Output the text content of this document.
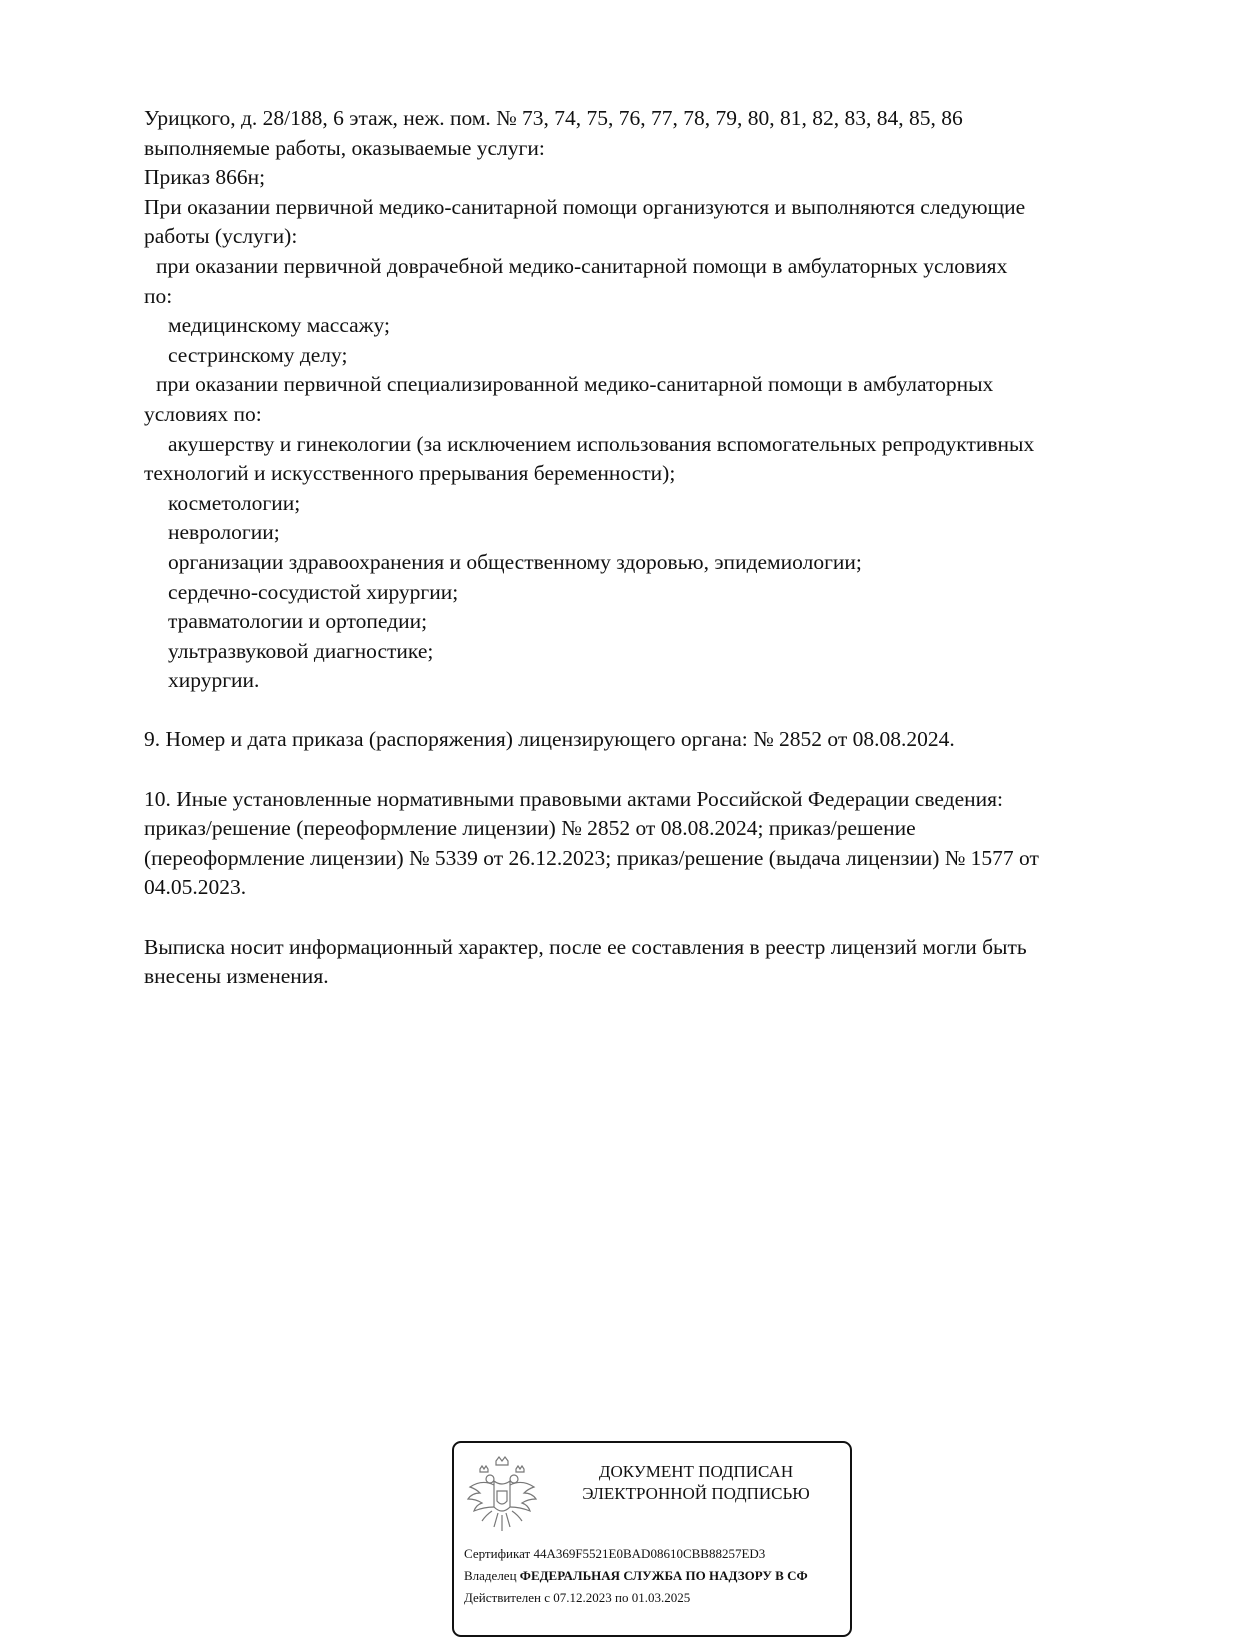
Урицкого, д. 28/188, 6 этаж, неж. пом. № 73, 74, 75, 76, 77, 78, 79, 80, 81, 82, 83, 84, 85, 86
выполняемые работы, оказываемые услуги:
Приказ 866н;
При оказании первичной медико-санитарной помощи организуются и выполняются следующие
работы (услуги):
при оказании первичной доврачебной медико-санитарной помощи в амбулаторных условиях
по:
медицинскому массажу;
сестринскому делу;
при оказании первичной специализированной медико-санитарной помощи в амбулаторных
условиях по:
акушерству и гинекологии (за исключением использования вспомогательных репродуктивных
технологий и искусственного прерывания беременности);
косметологии;
неврологии;
организации здравоохранения и общественному здоровью, эпидемиологии;
сердечно-сосудистой хирургии;
травматологии и ортопедии;
ультразвуковой диагностике;
хирургии.
9. Номер и дата приказа (распоряжения) лицензирующего органа: № 2852 от 08.08.2024.
10. Иные установленные нормативными правовыми актами Российской Федерации сведения:
приказ/решение (переоформление лицензии) № 2852 от 08.08.2024; приказ/решение
(переоформление лицензии) № 5339 от 26.12.2023; приказ/решение (выдача лицензии) № 1577 от
04.05.2023.
Выписка носит информационный характер, после ее составления в реестр лицензий могли быть
внесены изменения.
ДОКУМЕНТ ПОДПИСАН
ЭЛЕКТРОННОЙ ПОДПИСЬЮ
Сертификат 44A369F5521E0BAD08610CBB88257ED3
Владелец ФЕДЕРАЛЬНАЯ СЛУЖБА ПО НАДЗОРУ В СФ
Действителен с 07.12.2023 по 01.03.2025
